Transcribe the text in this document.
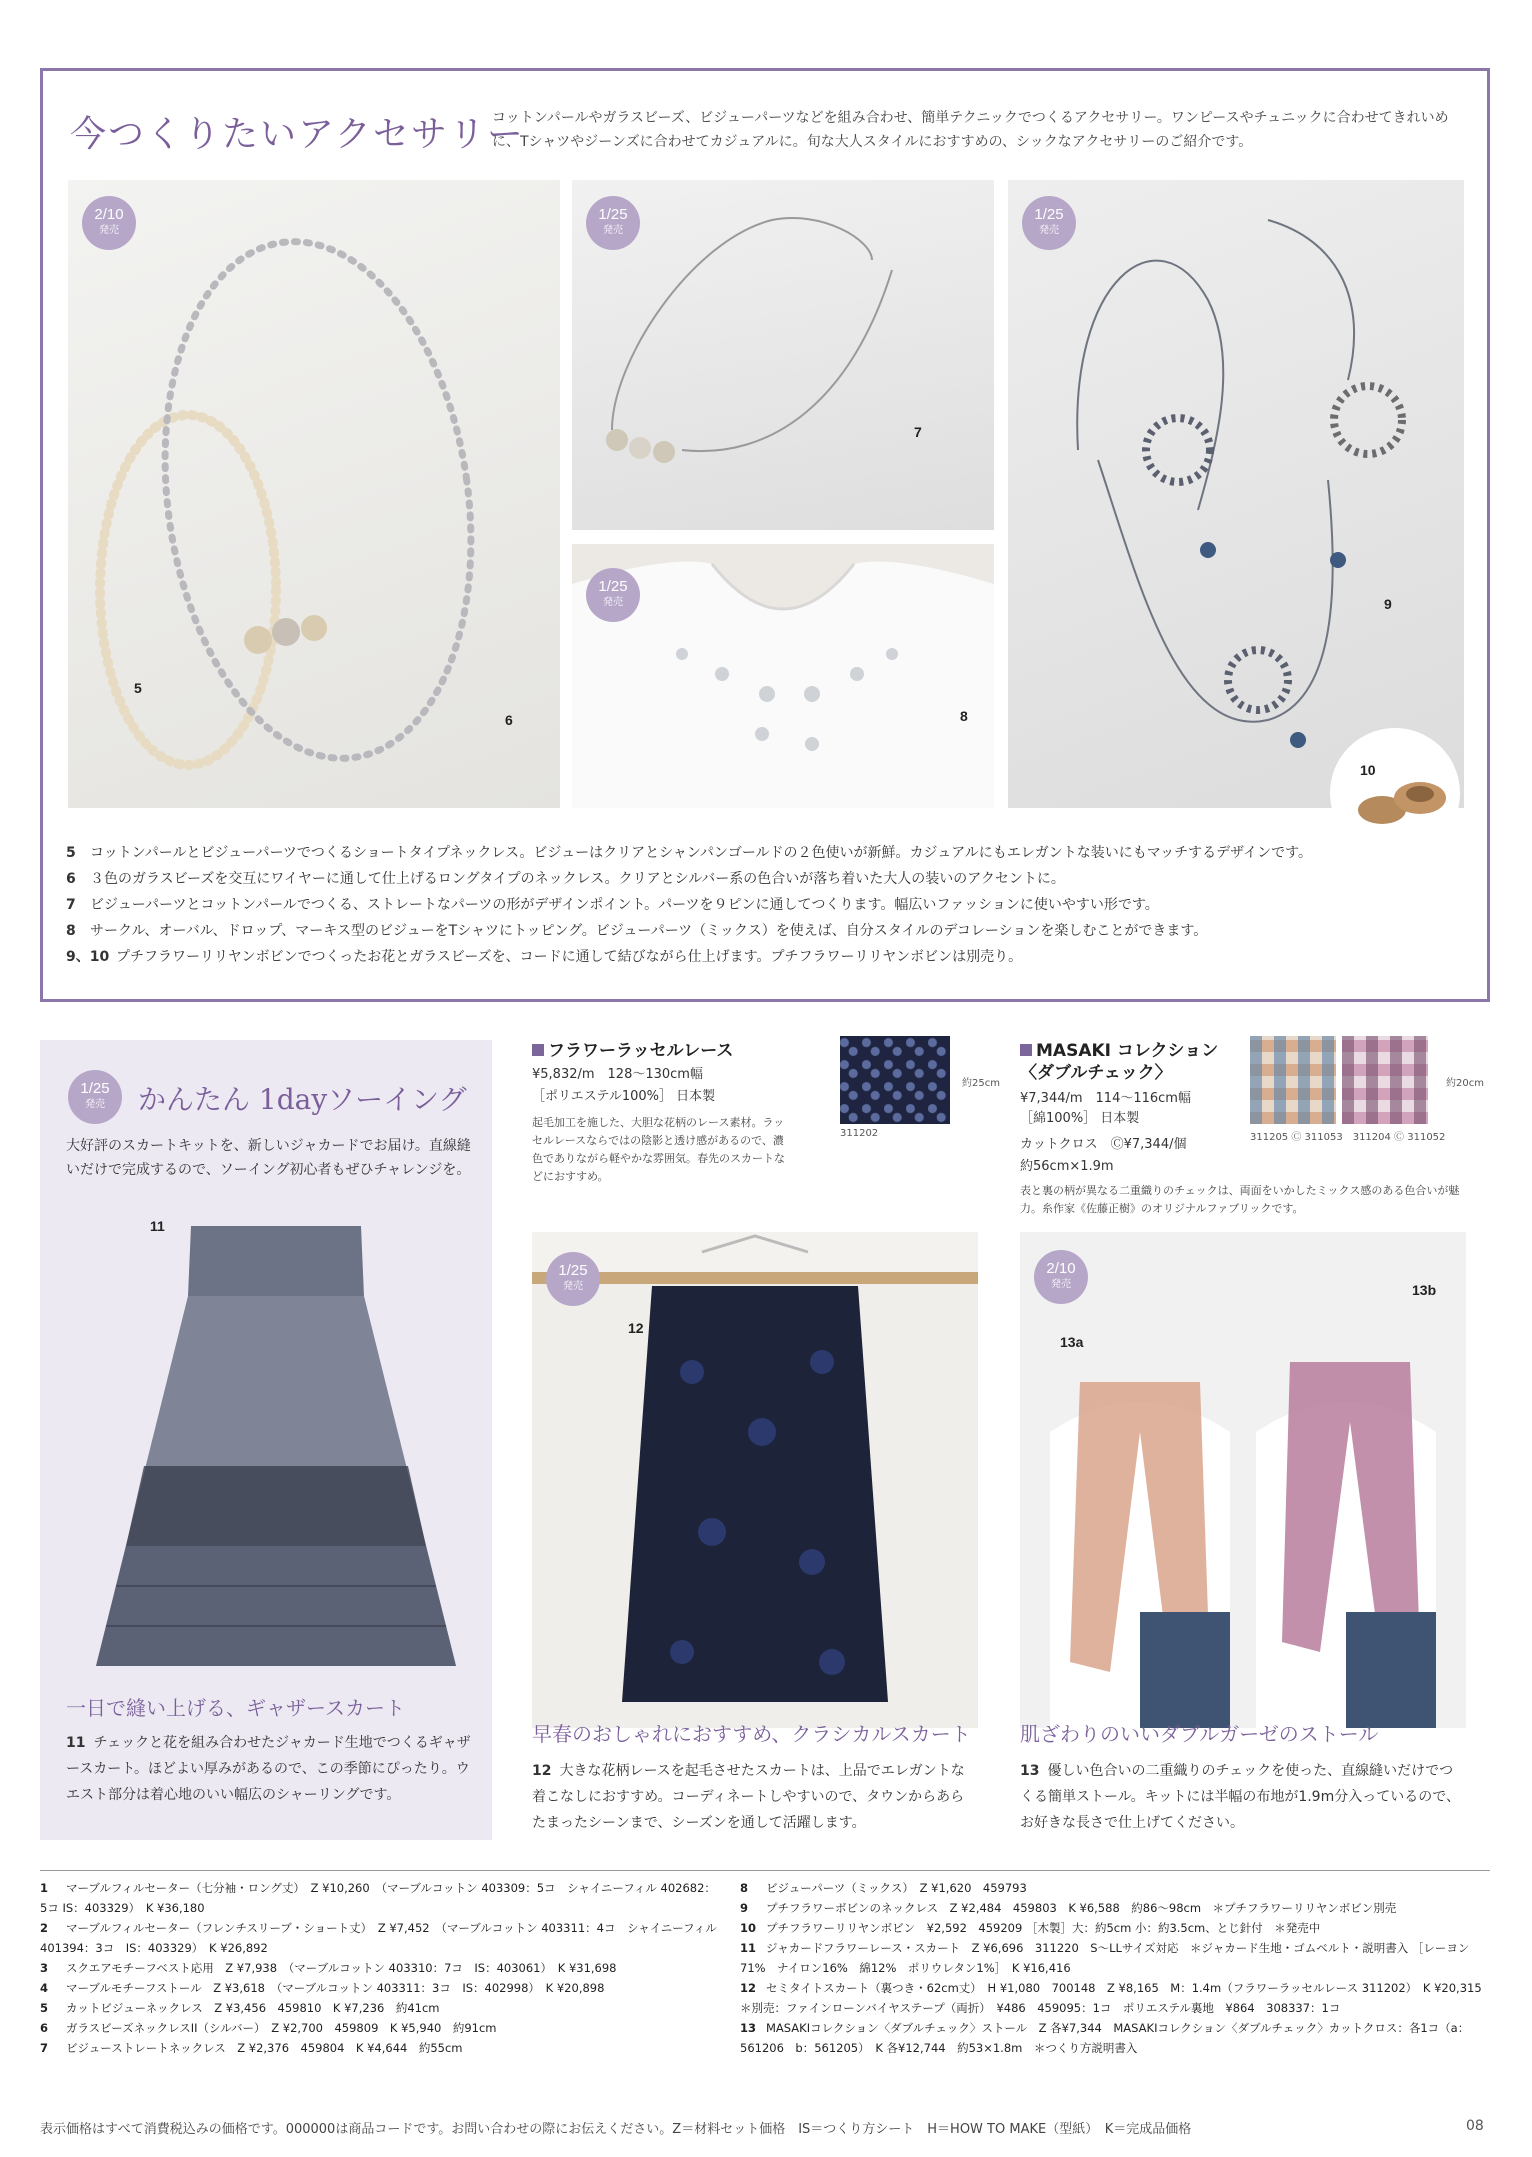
今つくりたいアクセサリー
コットンパールやガラスビーズ、ビジューパーツなどを組み合わせ、簡単テクニックでつくるアクセサリー。ワンピースやチュニックに合わせてきれいめに、Tシャツやジーンズに合わせてカジュアルに。旬な大人スタイルにおすすめの、シックなアクセサリーのご紹介です。
2/10
発売
5
6
1/25
発売
7
1/25
発売
8
1/25
発売
9
10
5 コットンパールとビジューパーツでつくるショートタイプネックレス。ビジューはクリアとシャンパンゴールドの２色使いが新鮮。カジュアルにもエレガントな装いにもマッチするデザインです。
6 ３色のガラスビーズを交互にワイヤーに通して仕上げるロングタイプのネックレス。クリアとシルバー系の色合いが落ち着いた大人の装いのアクセントに。
7 ビジューパーツとコットンパールでつくる、ストレートなパーツの形がデザインポイント。パーツを９ピンに通してつくります。幅広いファッションに使いやすい形です。
8 サークル、オーバル、ドロップ、マーキス型のビジューをTシャツにトッピング。ビジューパーツ（ミックス）を使えば、自分スタイルのデコレーションを楽しむことができます。
9、10 プチフラワーリリヤンボビンでつくったお花とガラスビーズを、コードに通して結びながら仕上げます。プチフラワーリリヤンボビンは別売り。
1/25
発売	かんたん 1dayソーイング
大好評のスカートキットを、新しいジャカードでお届け。直線縫いだけで完成するので、ソーイング初心者もぜひチャレンジを。
11
一日で縫い上げる、ギャザースカート
11 チェックと花を組み合わせたジャカード生地でつくるギャザースカート。ほどよい厚みがあるので、この季節にぴったり。ウエスト部分は着心地のいい幅広のシャーリングです。
フラワーラッセルレース
¥5,832/m　128～130cm幅
［ポリエステル100%］ 日本製
起毛加工を施した、大胆な花柄のレース素材。ラッセルレースならではの陰影と透け感があるので、濃色でありながら軽やかな雰囲気。春先のスカートなどにおすすめ。
311202
約25cm
MASAKI コレクション
〈ダブルチェック〉
¥7,344/m　114～116cm幅
［綿100%］ 日本製
カットクロス　Ⓒ¥7,344/個
約56cm×1.9m
表と裏の柄が異なる二重織りのチェックは、両面をいかしたミックス感のある色合いが魅力。糸作家《佐藤正樹》のオリジナルファブリックです。
311205 Ⓒ 311053　311204 Ⓒ 311052
約20cm
1/25
発売
12
早春のおしゃれにおすすめ、クラシカルスカート
12 大きな花柄レースを起毛させたスカートは、上品でエレガントな着こなしにおすすめ。コーディネートしやすいので、タウンからあらたまったシーンまで、シーズンを通して活躍します。
2/10
発売
13a
13b
肌ざわりのいいダブルガーゼのストール
13 優しい色合いの二重織りのチェックを使った、直線縫いだけでつくる簡単ストール。キットには半幅の布地が1.9m分入っているので、お好きな長さで仕上げてください。
1 マーブルフィルセーター（七分袖・ロング丈）　Z ¥10,260　（マーブルコットン 403309：5コ　シャイニーフィル 402682：5コ IS：403329）　K ¥36,180
2 マーブルフィルセーター（フレンチスリーブ・ショート丈）　Z ¥7,452　（マーブルコットン 403311：4コ　シャイニーフィル 401394：3コ　IS：403329）　K ¥26,892
3 スクエアモチーフベスト応用　Z ¥7,938　（マーブルコットン 403310：7コ　IS：403061）　K ¥31,698
4 マーブルモチーフストール　Z ¥3,618　（マーブルコットン 403311：3コ　IS：402998）　K ¥20,898
5 カットビジューネックレス　Z ¥3,456　459810　K ¥7,236　約41cm
6 ガラスビーズネックレスII（シルバー）　Z ¥2,700　459809　K ¥5,940　約91cm
7 ビジューストレートネックレス　Z ¥2,376　459804　K ¥4,644　約55cm
8 ビジューパーツ（ミックス）　Z ¥1,620　459793
9 プチフラワーボビンのネックレス　Z ¥2,484　459803　K ¥6,588　約86～98cm　＊プチフラワーリリヤンボビン別売
10 プチフラワーリリヤンボビン　¥2,592　459209 ［木製］大：約5cm 小：約3.5cm、とじ針付　＊発売中
11 ジャカードフラワーレース・スカート　Z ¥6,696　311220　S～LLサイズ対応　＊ジャカード生地・ゴムベルト・説明書入 ［レーヨン71%　ナイロン16%　綿12%　ポリウレタン1%］　K ¥16,416
12 セミタイトスカート（裏つき・62cm丈）　H ¥1,080　700148　Z ¥8,165　M：1.4m（フラワーラッセルレース 311202）　K ¥20,315 ＊別売：ファインローンバイヤステープ（両折）　¥486　459095：1コ　ポリエステル裏地　¥864　308337：1コ
13 MASAKIコレクション〈ダブルチェック〉ストール　Z 各¥7,344　MASAKIコレクション〈ダブルチェック〉カットクロス：各1コ（a：561206　b：561205）　K 各¥12,744　約53×1.8m　＊つくり方説明書入
表示価格はすべて消費税込みの価格です。000000は商品コードです。お問い合わせの際にお伝えください。Z＝材料セット価格　IS＝つくり方シート　H＝HOW TO MAKE（型紙）　K＝完成品価格	08
